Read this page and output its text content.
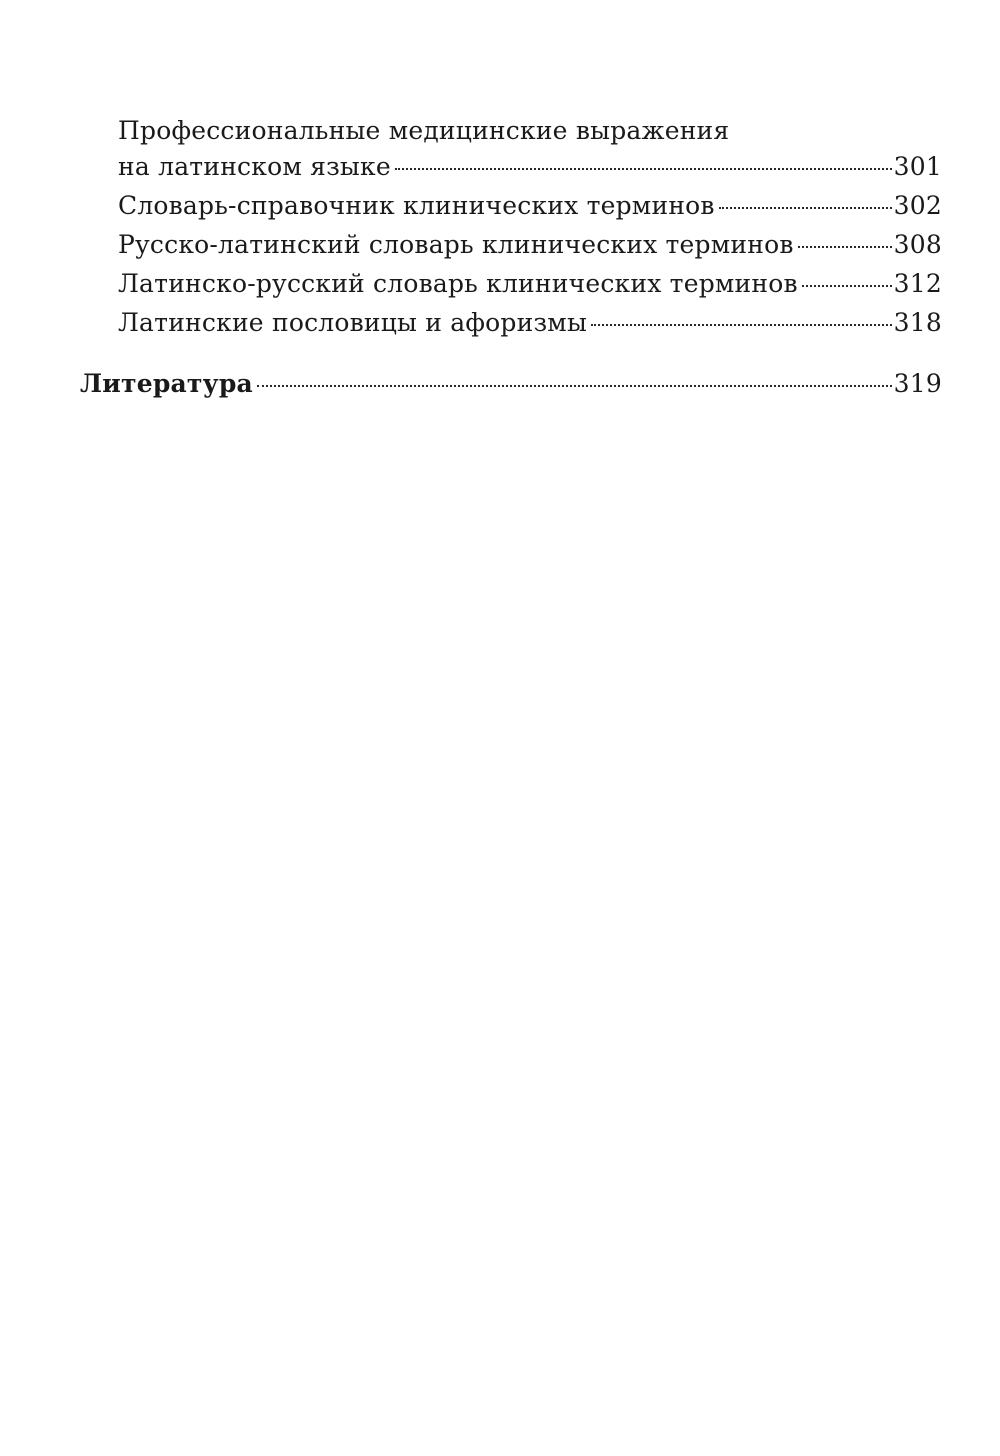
Профессиональные медицинские выражения
на латинском языке	301
Словарь-справочник клинических терминов	302
Русско-латинский словарь клинических терминов	308
Латинско-русский словарь клинических терминов	312
Латинские пословицы и афоризмы	318
Литература	319
